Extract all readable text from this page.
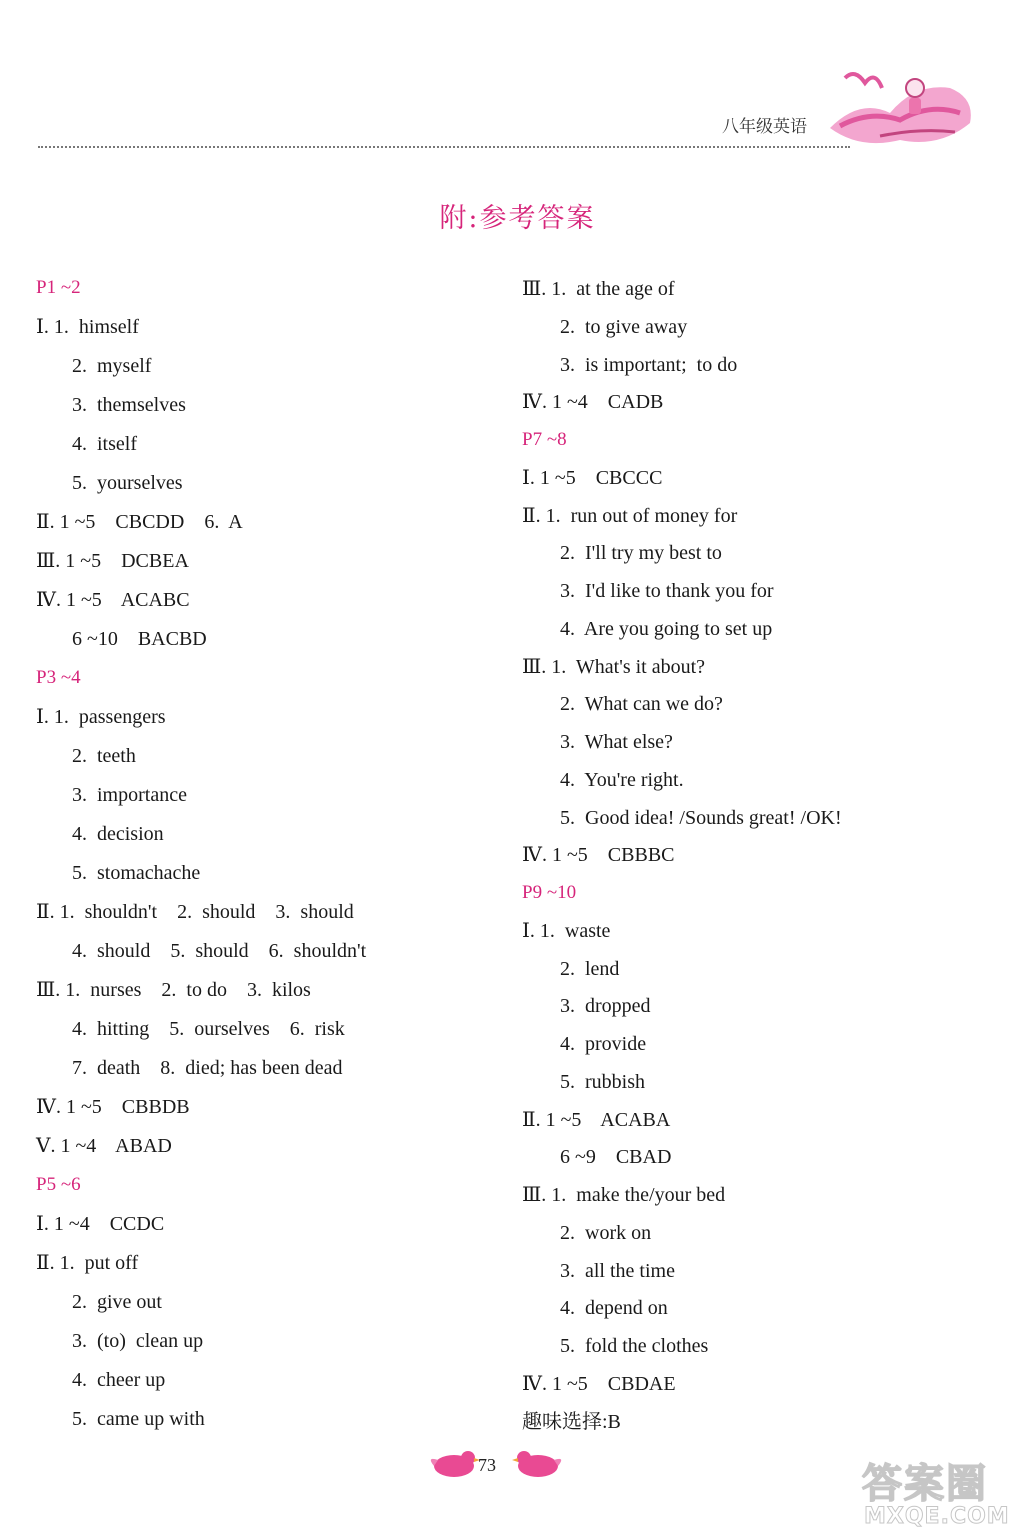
八年级英语
附:参考答案
P1 ~2
Ⅰ. 1.  himself
2.  myself
3.  themselves
4.  itself
5.  yourselves
Ⅱ. 1 ~5    CBCDD    6.  A
Ⅲ. 1 ~5    DCBEA
Ⅳ. 1 ~5    ACABC
6 ~10    BACBD
P3 ~4
Ⅰ. 1.  passengers
2.  teeth
3.  importance
4.  decision
5.  stomachache
Ⅱ. 1.  shouldn't    2.  should    3.  should
4.  should    5.  should    6.  shouldn't
Ⅲ. 1.  nurses    2.  to do    3.  kilos
4.  hitting    5.  ourselves    6.  risk
7.  death    8.  died; has been dead
Ⅳ. 1 ~5    CBBDB
Ⅴ. 1 ~4    ABAD
P5 ~6
Ⅰ. 1 ~4    CCDC
Ⅱ. 1.  put off
2.  give out
3.  (to)  clean up
4.  cheer up
5.  came up with
Ⅲ. 1.  at the age of
2.  to give away
3.  is important;  to do
Ⅳ. 1 ~4    CADB
P7 ~8
Ⅰ. 1 ~5    CBCCC
Ⅱ. 1.  run out of money for
2.  I'll try my best to
3.  I'd like to thank you for
4.  Are you going to set up
Ⅲ. 1.  What's it about?
2.  What can we do?
3.  What else?
4.  You're right.
5.  Good idea! /Sounds great! /OK!
Ⅳ. 1 ~5    CBBBC
P9 ~10
Ⅰ. 1.  waste
2.  lend
3.  dropped
4.  provide
5.  rubbish
Ⅱ. 1 ~5    ACABA
6 ~9    CBAD
Ⅲ. 1.  make the/your bed
2.  work on
3.  all the time
4.  depend on
5.  fold the clothes
Ⅳ. 1 ~5    CBDAE
趣味选择:B
73	答案圈
MXQE.COM
